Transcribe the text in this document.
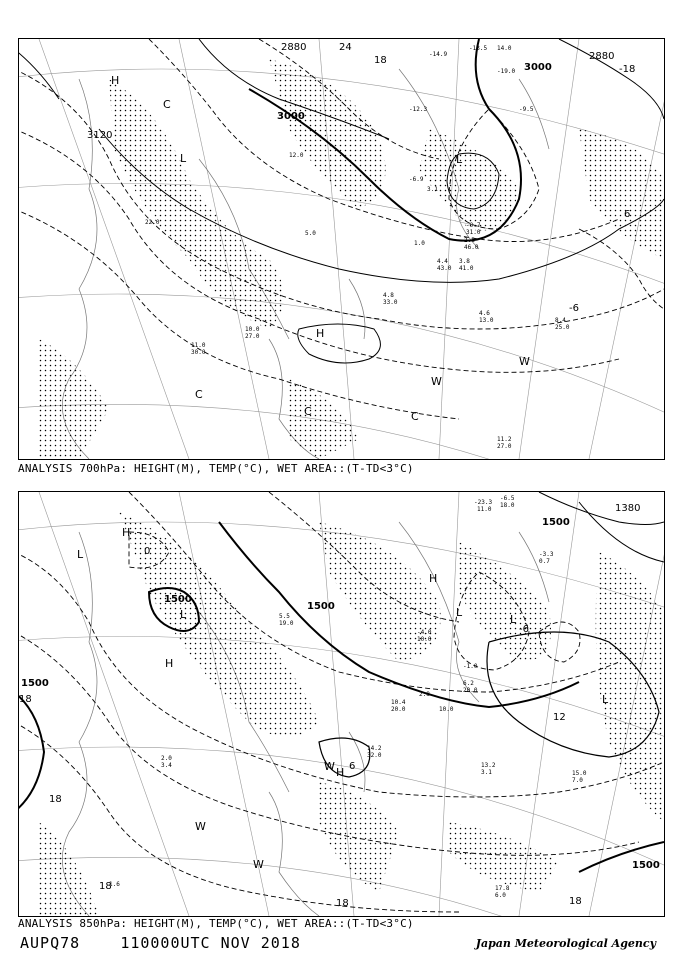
2880
3000
3120
2880
3000
24
18
-18
6
-6
H
L	L
H
C
C
C	C
W
W
-14.9
-13.5 14.0
-19.0
-12.3	-9.5
-6.9
3.1
1.0
4.4
43.0
3.8
41.0
-0.7
31.0
4.6
13.0	8.4
25.0
4.8
33.0
10.0
27.0
11.2
27.0
11.0
30.0
12.0
5.0
22.0
2.8
46.0
ANALYSIS 700hPa: HEIGHT(M), TEMP(°C), WET AREA::(T-TD<3°C)
1500
1500
1500
1500
1380
1500
12
18
18
18
18	18
6
-6
0
H
L
H
L
H
L
L
L
H
W
W
W
-23.3
-6.5
11.0
18.0
-3.3
0.7
-4.0
10.0
-1.0
6.2
20.0
13.2
3.1	15.0
7.0
14.2
32.0
17.8
6.0
10.4
20.0
2.8
10.0
5.5
19.0
2.0
3.4
1.6
ANALYSIS 850hPa: HEIGHT(M), TEMP(°C), WET AREA::(T-TD<3°C)
AUPQ78	110000UTC NOV 2018	Japan Meteorological Agency
